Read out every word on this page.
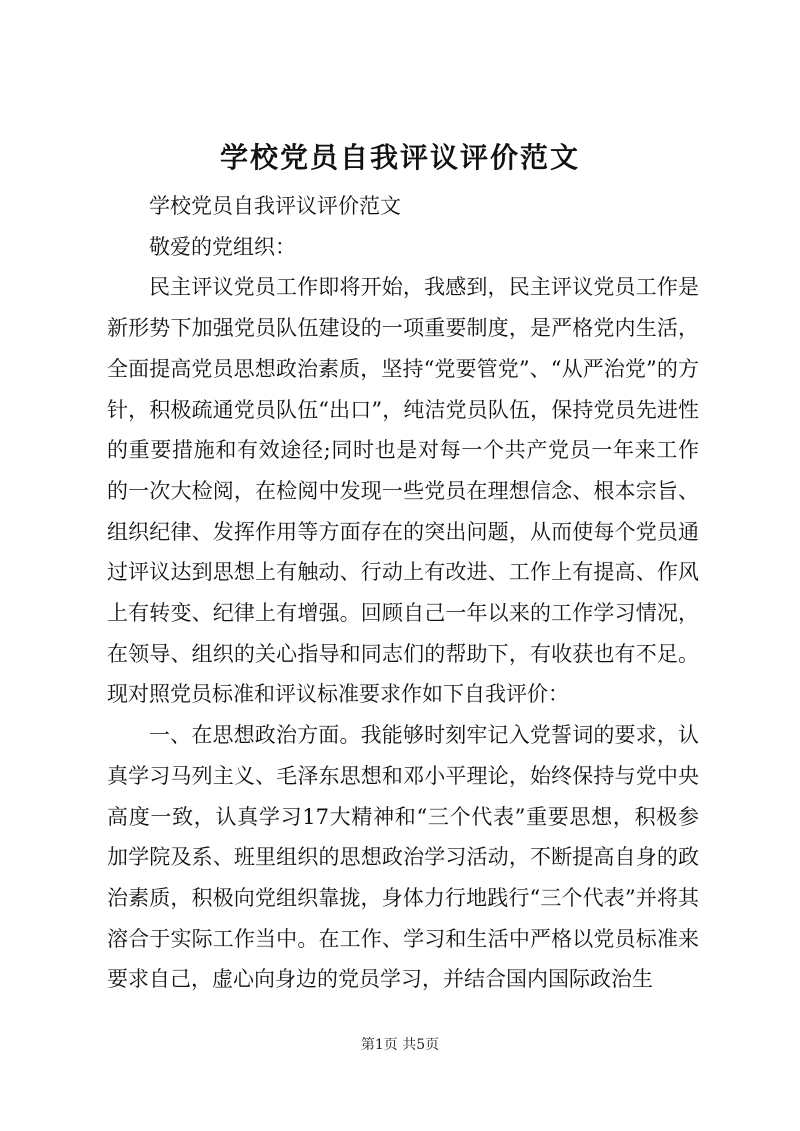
学校党员自我评议评价范文

学校党员自我评议评价范文

敬爱的党组织：

民主评议党员工作即将开始，我感到，民主评议党员工作是新形势下加强党员队伍建设的一项重要制度，是严格党内生活，全面提高党员思想政治素质，坚持“党要管党”、“从严治党”的方针，积极疏通党员队伍“出口”，纯洁党员队伍，保持党员先进性的重要措施和有效途径;同时也是对每一个共产党员一年来工作的一次大检阅，在检阅中发现一些党员在理想信念、根本宗旨、组织纪律、发挥作用等方面存在的突出问题，从而使每个党员通过评议达到思想上有触动、行动上有改进、工作上有提高、作风上有转变、纪律上有增强。回顾自己一年以来的工作学习情况，在领导、组织的关心指导和同志们的帮助下，有收获也有不足。现对照党员标准和评议标准要求作如下自我评价：

一、在思想政治方面。我能够时刻牢记入党誓词的要求，认真学习马列主义、毛泽东思想和邓小平理论，始终保持与党中央高度一致，认真学习17大精神和“三个代表”重要思想，积极参加学院及系、班里组织的思想政治学习活动，不断提高自身的政治素质，积极向党组织靠拢，身体力行地践行“三个代表”并将其溶合于实际工作当中。在工作、学习和生活中严格以党员标准来要求自己，虚心向身边的党员学习，并结合国内国际政治生

第1页 共5页
